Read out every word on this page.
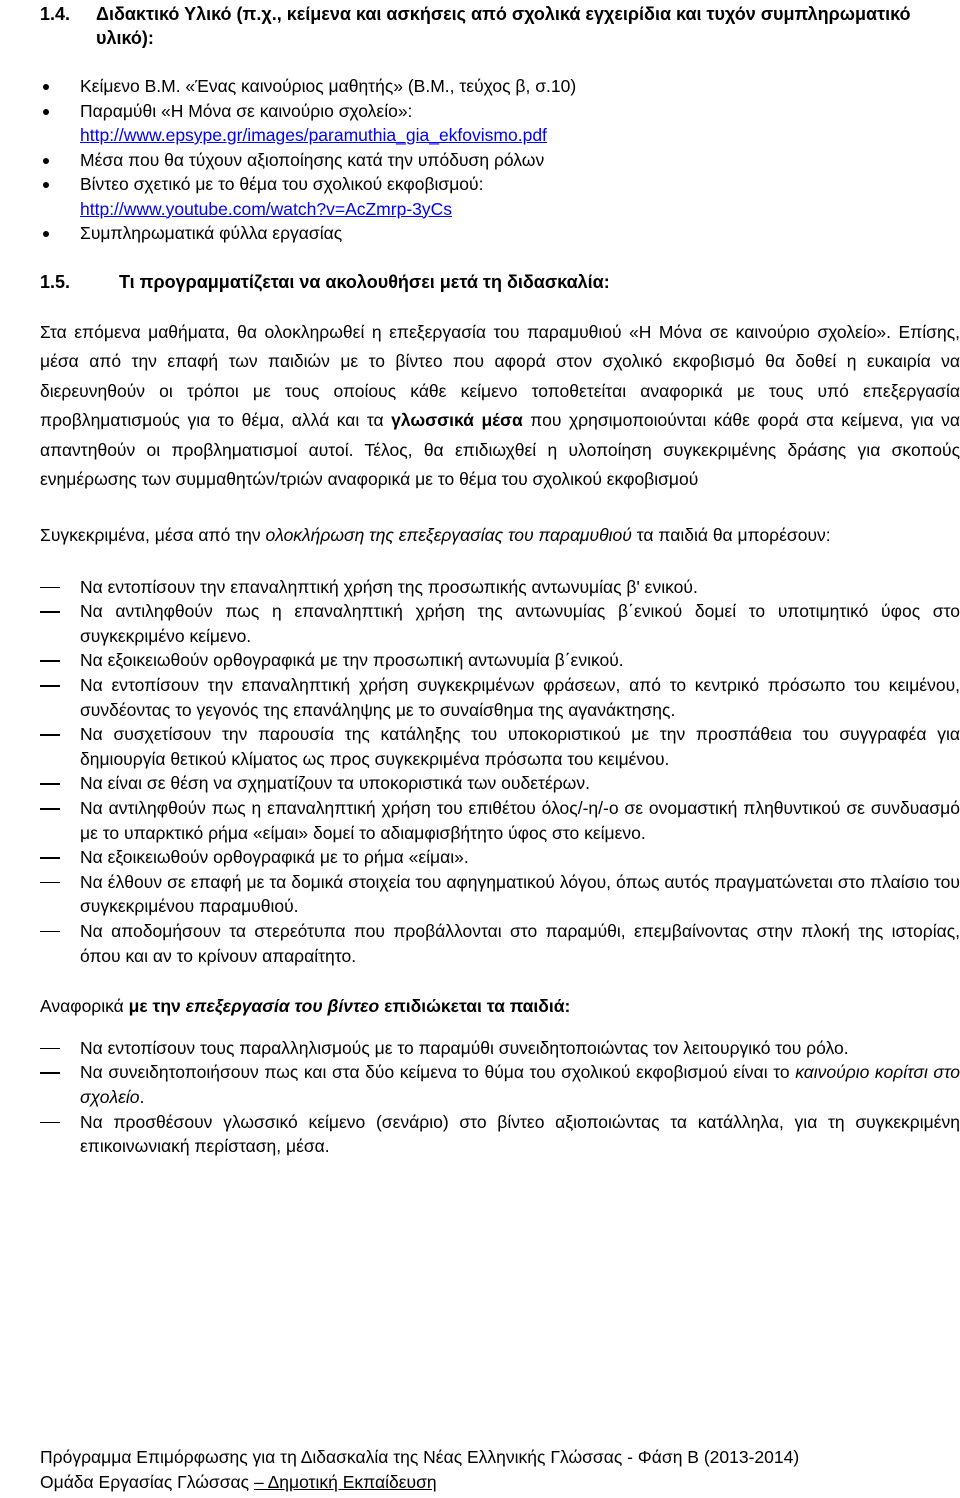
1.4.	Διδακτικό Υλικό (π.χ., κείμενα και ασκήσεις από σχολικά εγχειρίδια και τυχόν συμπληρωματικό υλικό):
Κείμενο Β.Μ. «Ένας καινούριος μαθητής» (Β.Μ., τεύχος β, σ.10)
Παραμύθι «Η Μόνα σε καινούριο σχολείο»:
http://www.epsype.gr/images/paramuthia_gia_ekfovismo.pdf
Μέσα που θα τύχουν αξιοποίησης κατά την υπόδυση ρόλων
Βίντεο σχετικό με το θέμα του σχολικού εκφοβισμού:
http://www.youtube.com/watch?v=AcZmrp-3yCs
Συμπληρωματικά φύλλα εργασίας
1.5.	Τι προγραμματίζεται να ακολουθήσει μετά τη διδασκαλία:

Στα επόμενα μαθήματα, θα ολοκληρωθεί η επεξεργασία του παραμυθιού «Η Μόνα σε καινούριο σχολείο». Επίσης, μέσα από την επαφή των παιδιών με το βίντεο που αφορά στον σχολικό εκφοβισμό θα δοθεί η ευκαιρία να διερευνηθούν οι τρόποι με τους οποίους κάθε κείμενο τοποθετείται αναφορικά με τους υπό επεξεργασία προβληματισμούς για το θέμα, αλλά και τα γλωσσικά μέσα που χρησιμοποιούνται κάθε φορά στα κείμενα, για να απαντηθούν οι προβληματισμοί αυτοί. Τέλος, θα επιδιωχθεί η υλοποίηση συγκεκριμένης δράσης για σκοπούς ενημέρωσης των συμμαθητών/τριών αναφορικά με το θέμα του σχολικού εκφοβισμού

Συγκεκριμένα, μέσα από την ολοκλήρωση της επεξεργασίας του παραμυθιού τα παιδιά θα μπορέσουν:

Να εντοπίσουν την επαναληπτική χρήση της προσωπικής αντωνυμίας β' ενικού.
Να αντιληφθούν πως η επαναληπτική χρήση της αντωνυμίας β΄ενικού δομεί το υποτιμητικό ύφος στο συγκεκριμένο κείμενο.
Να εξοικειωθούν ορθογραφικά με την προσωπική αντωνυμία β΄ενικού.
Να εντοπίσουν την επαναληπτική χρήση συγκεκριμένων φράσεων, από το κεντρικό πρόσωπο του κειμένου, συνδέοντας το γεγονός της επανάληψης με το συναίσθημα της αγανάκτησης.
Να συσχετίσουν την παρουσία της κατάληξης του υποκοριστικού με την προσπάθεια του συγγραφέα για δημιουργία θετικού κλίματος ως προς συγκεκριμένα πρόσωπα του κειμένου.
Να είναι σε θέση να σχηματίζουν τα υποκοριστικά των ουδετέρων.
Να αντιληφθούν πως η επαναληπτική χρήση του επιθέτου όλος/-η/-ο σε ονομαστική πληθυντικού σε συνδυασμό με το υπαρκτικό ρήμα «είμαι» δομεί το αδιαμφισβήτητο ύφος στο κείμενο.
Να εξοικειωθούν ορθογραφικά με το ρήμα «είμαι».
Να έλθουν σε επαφή με τα δομικά στοιχεία του αφηγηματικού λόγου, όπως αυτός πραγματώνεται στο πλαίσιο του συγκεκριμένου παραμυθιού.
Να αποδομήσουν τα στερεότυπα που προβάλλονται στο παραμύθι, επεμβαίνοντας στην πλοκή της ιστορίας, όπου και αν το κρίνουν απαραίτητο.

Αναφορικά με την επεξεργασία του βίντεο επιδιώκεται τα παιδιά:

Να εντοπίσουν τους παραλληλισμούς με το παραμύθι συνειδητοποιώντας τον λειτουργικό του ρόλο.
Να συνειδητοποιήσουν πως και στα δύο κείμενα το θύμα του σχολικού εκφοβισμού είναι το καινούριο κορίτσι στο σχολείο.
Να προσθέσουν γλωσσικό κείμενο (σενάριο) στο βίντεο αξιοποιώντας τα κατάλληλα, για τη συγκεκριμένη επικοινωνιακή περίσταση, μέσα.
Πρόγραμμα Επιμόρφωσης για τη Διδασκαλία της Νέας Ελληνικής Γλώσσας - Φάση Β (2013-2014)
Ομάδα Εργασίας Γλώσσας – Δημοτική Εκπαίδευση
